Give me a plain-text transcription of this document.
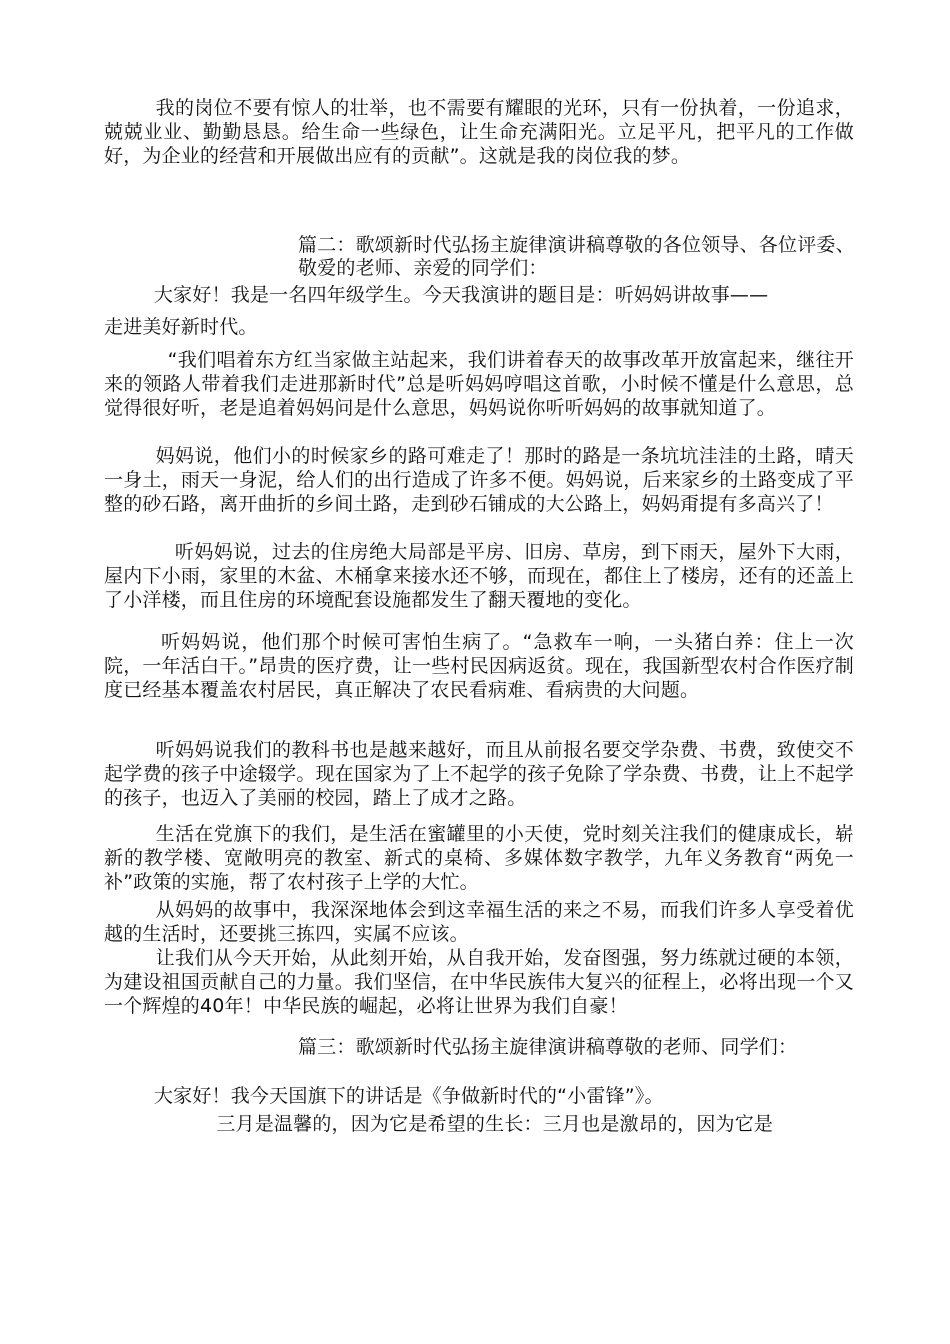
我的岗位不要有惊人的壮举，也不需要有耀眼的光环，只有一份执着，一份追求，兢兢业业、勤勤恳恳。给生命一些绿色，让生命充满阳光。立足平凡，把平凡的工作做好，为企业的经营和开展做出应有的贡献”。这就是我的岗位我的梦。

篇二：歌颂新时代弘扬主旋律演讲稿尊敬的各位领导、各位评委、敬爱的老师、亲爱的同学们：

大家好！我是一名四年级学生。今天我演讲的题目是：听妈妈讲故事——

走进美好新时代。

“我们唱着东方红当家做主站起来，我们讲着春天的故事改革开放富起来，继往开来的领路人带着我们走进那新时代”总是听妈妈哼唱这首歌，小时候不懂是什么意思，总觉得很好听，老是追着妈妈问是什么意思，妈妈说你听听妈妈的故事就知道了。

妈妈说，他们小的时候家乡的路可难走了！那时的路是一条坑坑洼洼的土路，晴天一身土，雨天一身泥，给人们的出行造成了许多不便。妈妈说，后来家乡的土路变成了平整的砂石路，离开曲折的乡间土路，走到砂石铺成的大公路上，妈妈甭提有多高兴了！

听妈妈说，过去的住房绝大局部是平房、旧房、草房，到下雨天，屋外下大雨，屋内下小雨，家里的木盆、木桶拿来接水还不够，而现在，都住上了楼房，还有的还盖上了小洋楼，而且住房的环境配套设施都发生了翻天覆地的变化。

听妈妈说，他们那个时候可害怕生病了。“急救车一响，一头猪白养：住上一次院，一年活白干。”昂贵的医疗费，让一些村民因病返贫。现在，我国新型农村合作医疗制度已经基本覆盖农村居民，真正解决了农民看病难、看病贵的大问题。

听妈妈说我们的教科书也是越来越好，而且从前报名要交学杂费、书费，致使交不起学费的孩子中途辍学。现在国家为了上不起学的孩子免除了学杂费、书费，让上不起学的孩子，也迈入了美丽的校园，踏上了成才之路。

生活在党旗下的我们，是生活在蜜罐里的小天使，党时刻关注我们的健康成长，崭新的教学楼、宽敞明亮的教室、新式的桌椅、多媒体数字教学，九年义务教育“两免一补”政策的实施，帮了农村孩子上学的大忙。

从妈妈的故事中，我深深地体会到这幸福生活的来之不易，而我们许多人享受着优越的生活时，还要挑三拣四，实属不应该。

让我们从今天开始，从此刻开始，从自我开始，发奋图强，努力练就过硬的本领，为建设祖国贡献自己的力量。我们坚信，在中华民族伟大复兴的征程上，必将出现一个又一个辉煌的40年！中华民族的崛起，必将让世界为我们自豪！

篇三：歌颂新时代弘扬主旋律演讲稿尊敬的老师、同学们：

大家好！我今天国旗下的讲话是《争做新时代的“小雷锋”》。

三月是温馨的，因为它是希望的生长：三月也是激昂的，因为它是
